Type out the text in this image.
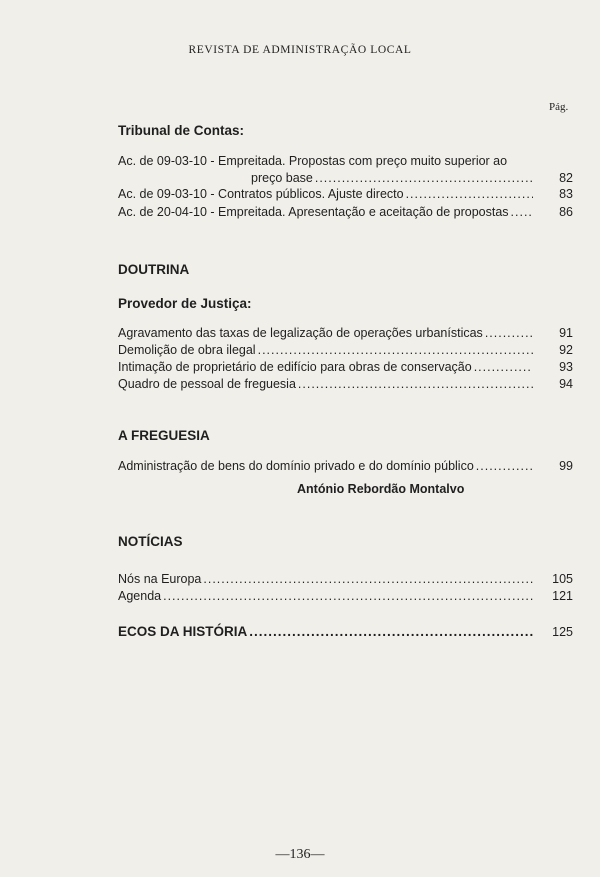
REVISTA DE ADMINISTRAÇÃO LOCAL
Pág.
Tribunal de Contas:
Ac. de 09-03-10 - Empreitada. Propostas com preço muito superior ao
preço base .....	82
Ac. de 09-03-10 - Contratos públicos. Ajuste directo .....	83
Ac. de 20-04-10 - Empreitada. Apresentação e aceitação de propostas .....	86
DOUTRINA
Provedor de Justiça:
Agravamento das taxas de legalização de operações urbanísticas .....	91
Demolição de obra ilegal .....	92
Intimação de proprietário de edifício para obras de conservação .....	93
Quadro de pessoal de freguesia .....	94
A FREGUESIA
Administração de bens do domínio privado e do domínio público .....	99
António Rebordão Montalvo
NOTÍCIAS
Nós na Europa .....	105
Agenda .....	121
ECOS DA HISTÓRIA .....	125
—136—
